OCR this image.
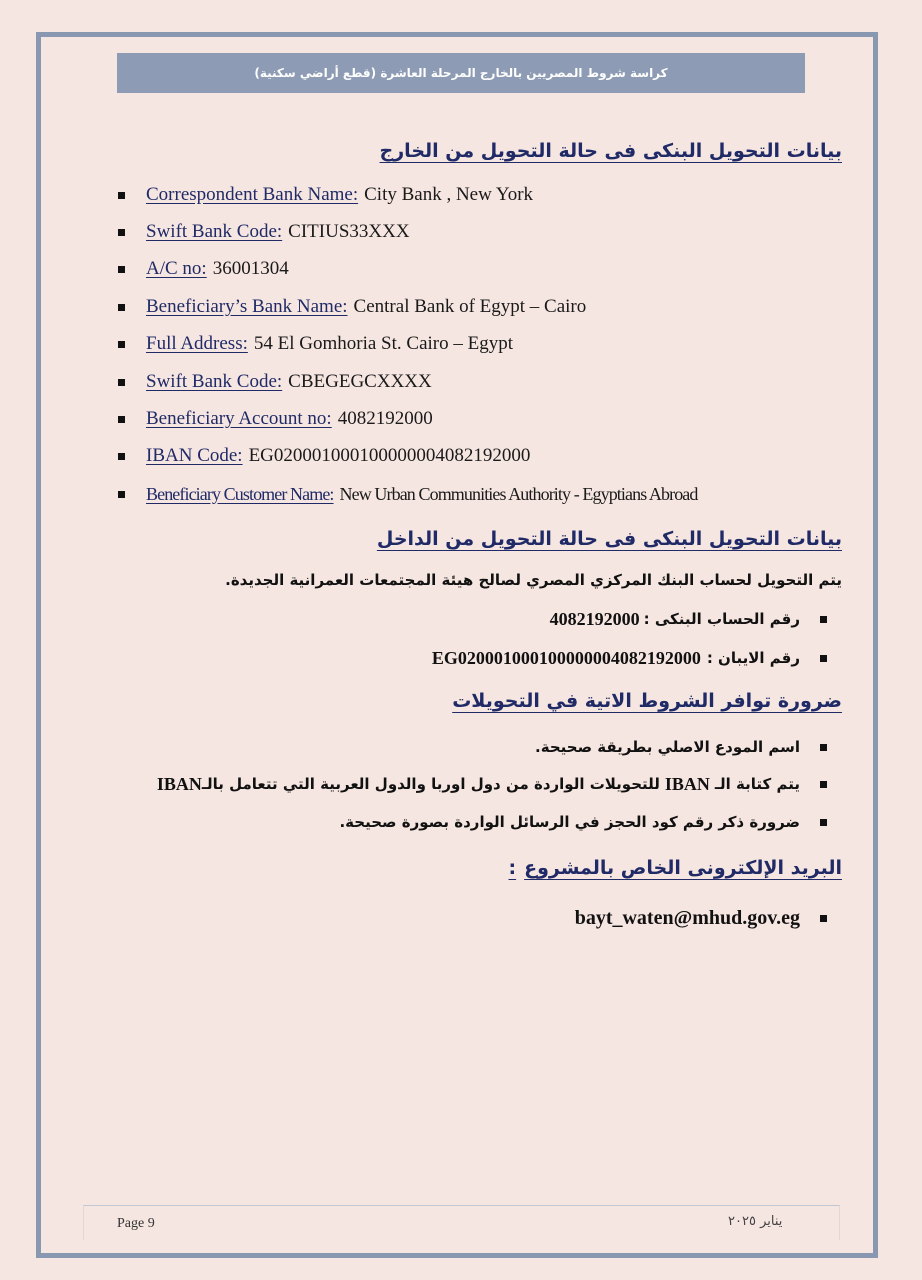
كراسة شروط المصريين بالخارج المرحلة العاشرة (قطع أراضي سكنية)
بيانات التحويل البنكى فى حالة التحويل من الخارج
Correspondent Bank Name: City Bank , New York
Swift Bank Code: CITIUS33XXX
A/C no: 36001304
Beneficiary’s Bank Name: Central Bank of Egypt – Cairo
Full Address: 54 El Gomhoria St. Cairo – Egypt
Swift Bank Code: CBEGEGCXXXX
Beneficiary Account no: 4082192000
IBAN Code: EG020001000100000004082192000
Beneficiary Customer Name: New Urban Communities Authority - Egyptians Abroad
بيانات التحويل البنكى فى حالة التحويل من الداخل
يتم التحويل لحساب البنك المركزي المصري لصالح هيئة المجتمعات العمرانية الجديدة.
رقم الحساب البنكى :
4082192000
رقم الايبان :
EG020001000100000004082192000
ضرورة توافر الشروط الاتية في التحويلات
اسم المودع الاصلي بطريقة صحيحة.
يتم كتابة الـ
IBAN
للتحويلات الواردة من دول اوربا والدول العربية التي تتعامل بالـ
IBAN
ضرورة ذكر رقم كود الحجز في الرسائل الواردة بصورة صحيحة.
البريد الإلكترونى الخاص بالمشروع:
bayt_waten@mhud.gov.eg
Page 9	يناير ٢٠٢٥
